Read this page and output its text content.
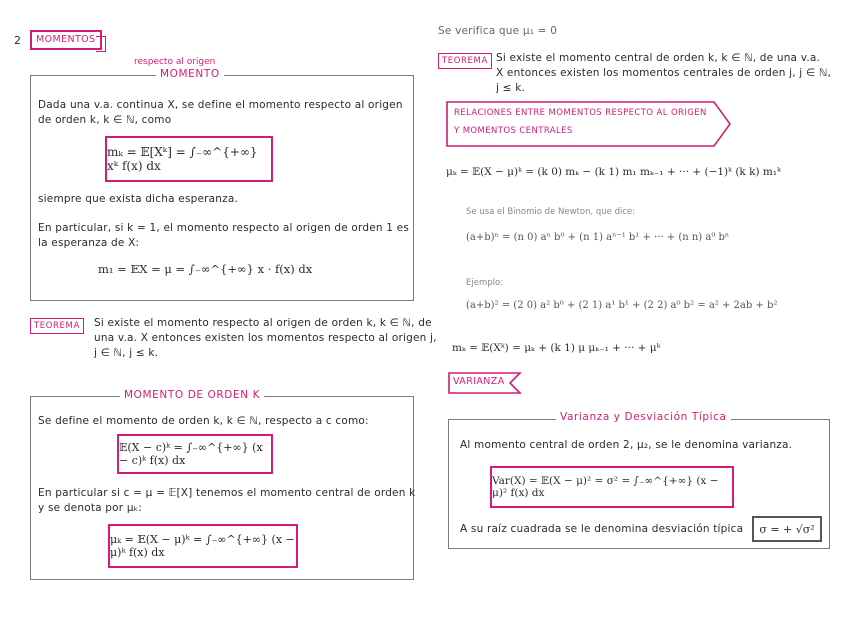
2 MOMENTOS
respecto al origen
MOMENTO
Dada una v.a. continua X, se define el momento respecto al origen
de orden k, k ∈ ℕ, como
mₖ = 𝔼[Xᵏ] = ∫₋∞^{+∞} xᵏ f(x) dx
siempre que exista dicha esperanza.
En particular, si k = 1, el momento respecto al origen de orden 1 es
la esperanza de X:
m₁ = 𝔼X = μ = ∫₋∞^{+∞} x · f(x) dx
TEOREMA	Si existe el momento respecto al origen de orden k, k ∈ ℕ, de
una v.a. X entonces existen los momentos respecto al origen j,
j ∈ ℕ, j ≤ k.
MOMENTO DE ORDEN K
Se define el momento de orden k, k ∈ ℕ, respecto a c como:
𝔼(X − c)ᵏ = ∫₋∞^{+∞} (x − c)ᵏ f(x) dx
En particular si c = μ = 𝔼[X] tenemos el momento central de orden k
y se denota por μₖ:
μₖ = 𝔼(X − μ)ᵏ = ∫₋∞^{+∞} (x − μ)ᵏ f(x) dx
Se verifica que μ₁ = 0
TEOREMA Si existe el momento central de orden k, k ∈ ℕ, de una v.a.
X entonces existen los momentos centrales de orden j, j ∈ ℕ,
j ≤ k.
RELACIONES ENTRE MOMENTOS RESPECTO AL ORIGEN
Y MOMENTOS CENTRALES
μₖ = 𝔼(X − μ)ᵏ = (k 0) mₖ − (k 1) m₁ mₖ₋₁ + ··· + (−1)ᵏ (k k) m₁ᵏ
Se usa el Binomio de Newton, que dice:
(a+b)ⁿ = (n 0) aⁿ b⁰ + (n 1) aⁿ⁻¹ b¹ + ··· + (n n) a⁰ bⁿ
Ejemplo:
(a+b)² = (2 0) a² b⁰ + (2 1) a¹ b¹ + (2 2) a⁰ b² = a² + 2ab + b²
mₖ = 𝔼(Xᵏ) = μₖ + (k 1) μ μₖ₋₁ + ··· + μᵏ
VARIANZA
Varianza y Desviación Típica
Al momento central de orden 2, μ₂, se le denomina varianza.
Var(X) = 𝔼(X − μ)² = σ² = ∫₋∞^{+∞} (x − μ)² f(x) dx
A su raíz cuadrada se le denomina desviación típica σ = + √σ²
